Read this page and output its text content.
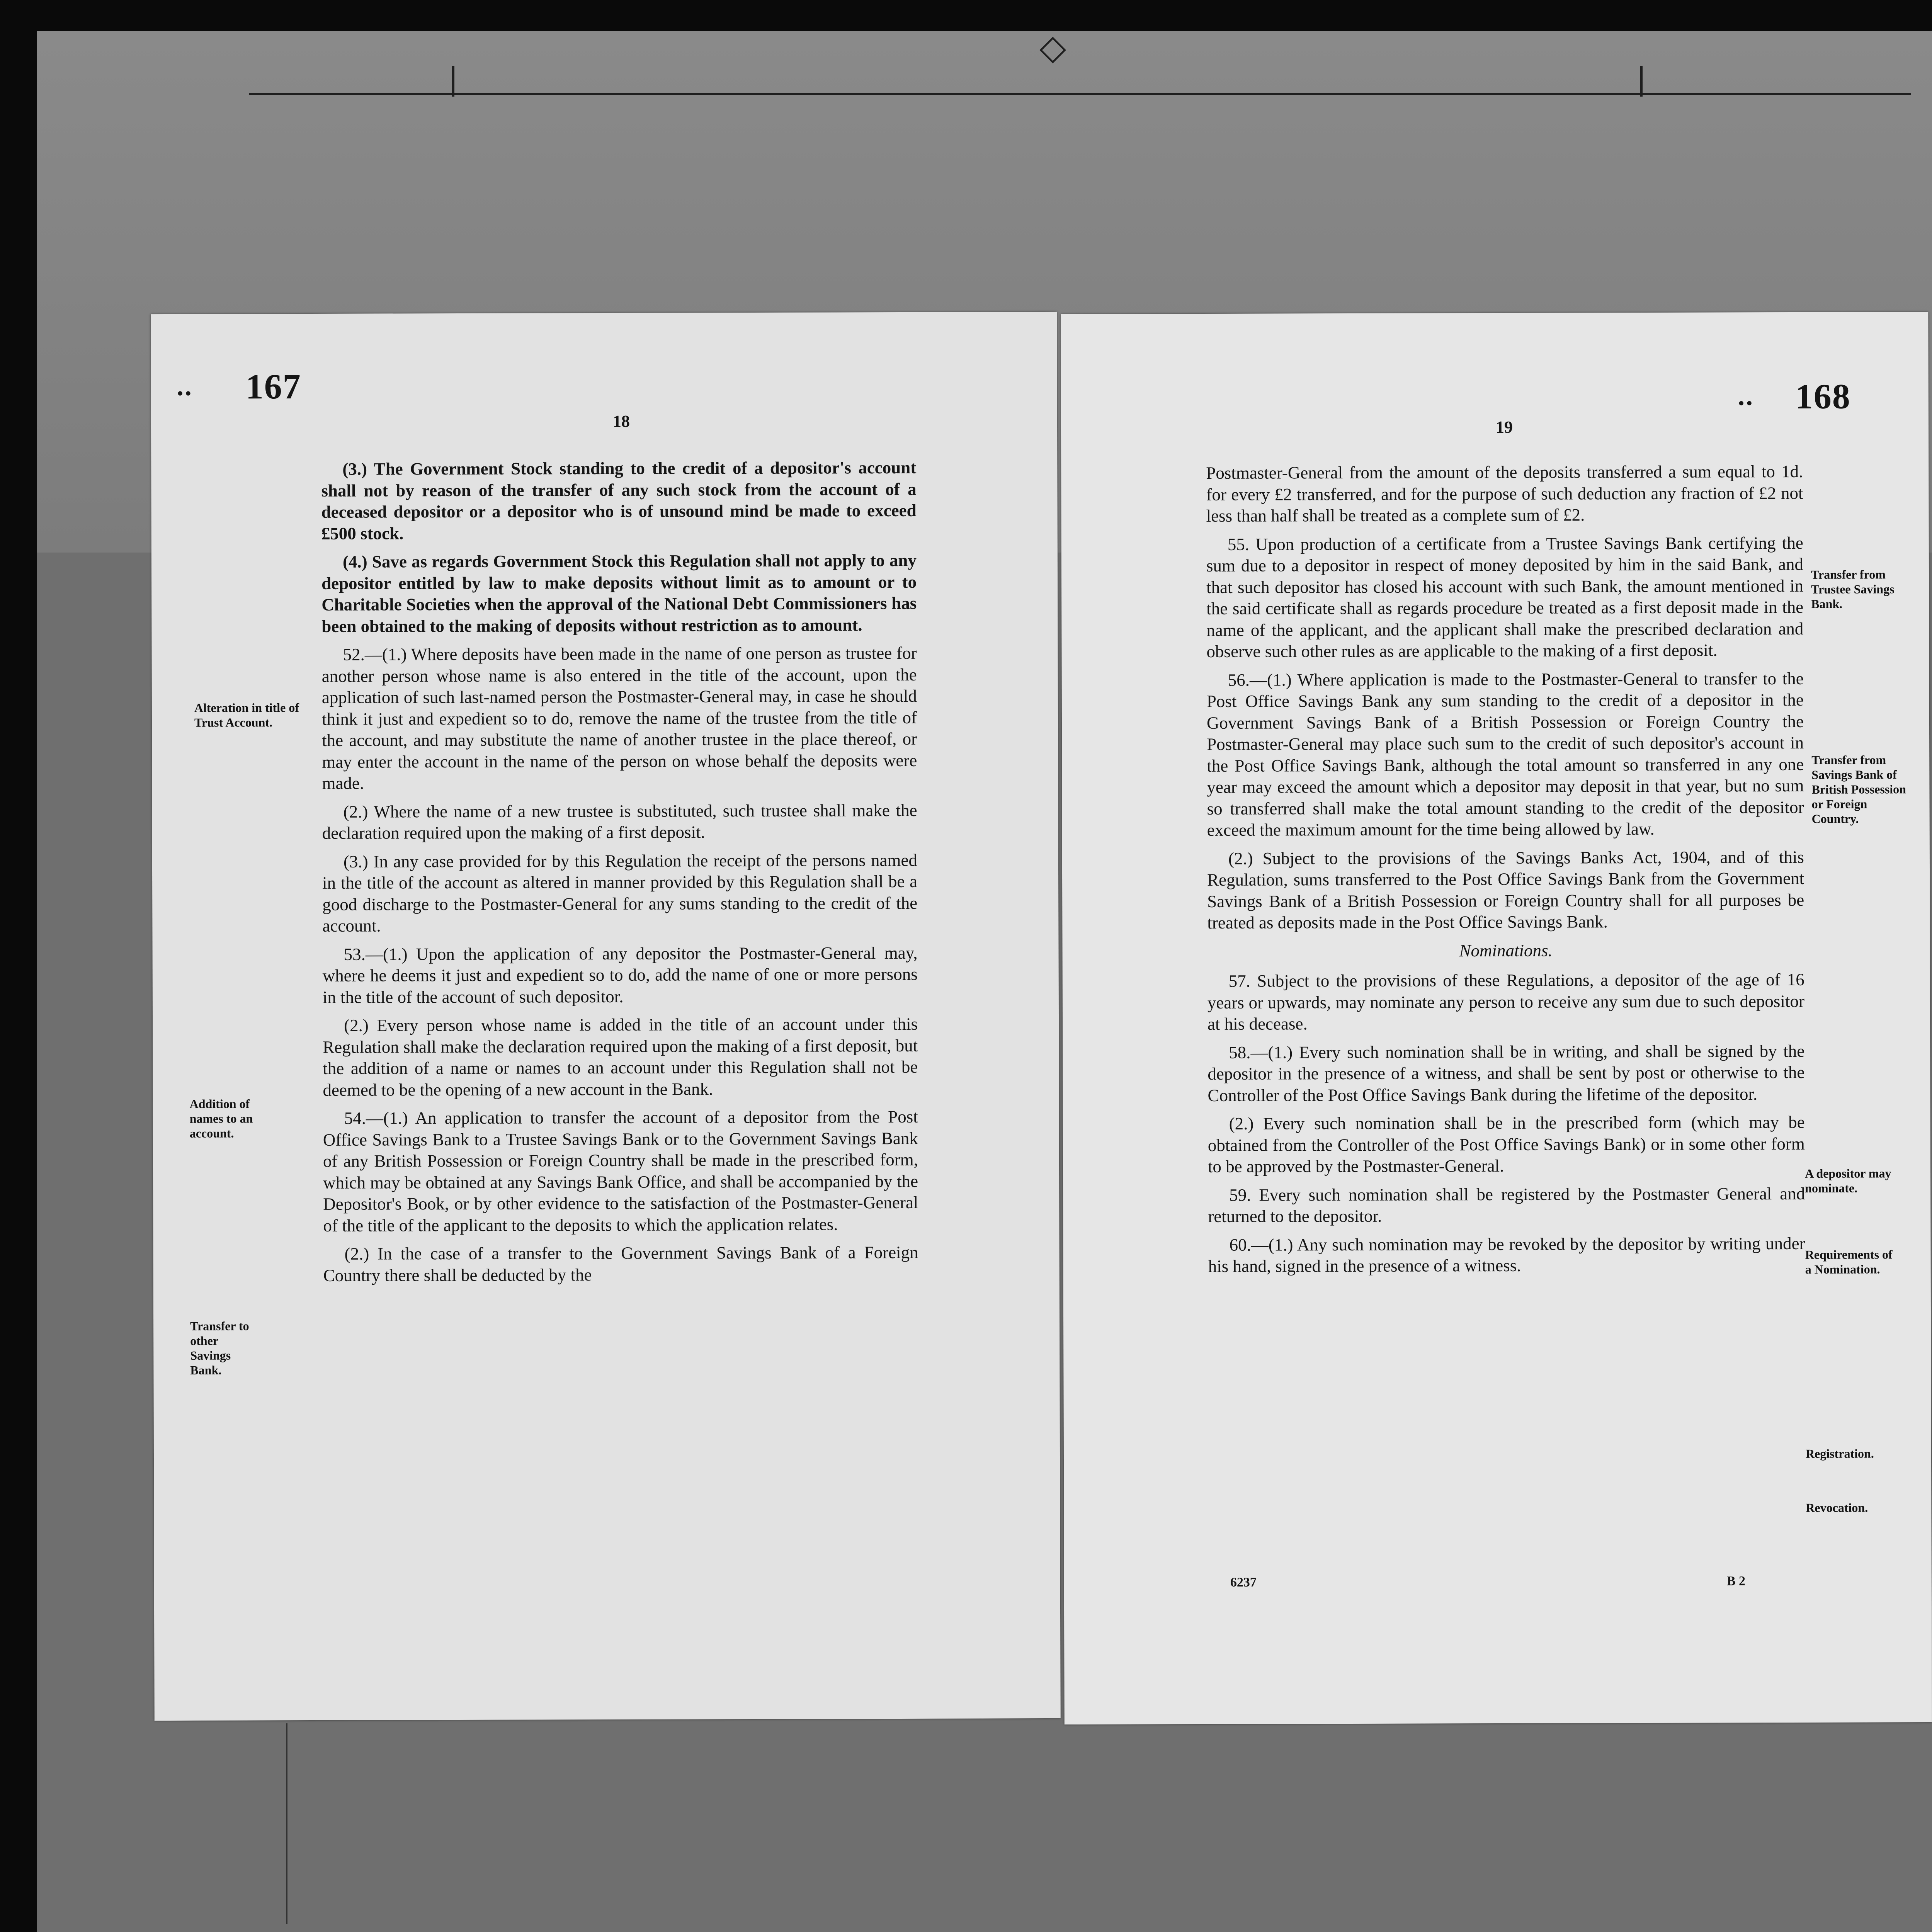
◇
.. 167
18
Alteration in title of Trust Account.
Addition of names to an account.
Transfer to other Savings Bank.

(3.) The Government Stock standing to the credit of a depositor's account shall not by reason of the transfer of any such stock from the account of a deceased depositor or a depositor who is of unsound mind be made to exceed £500 stock.

(4.) Save as regards Government Stock this Regulation shall not apply to any depositor entitled by law to make deposits without limit as to amount or to Charitable Societies when the approval of the National Debt Commissioners has been obtained to the making of deposits without restriction as to amount.

52.—(1.) Where deposits have been made in the name of one person as trustee for another person whose name is also entered in the title of the account, upon the application of such last-named person the Postmaster-General may, in case he should think it just and expedient so to do, remove the name of the trustee from the title of the account, and may substitute the name of another trustee in the place thereof, or may enter the account in the name of the person on whose behalf the deposits were made.

(2.) Where the name of a new trustee is substituted, such trustee shall make the declaration required upon the making of a first deposit.

(3.) In any case provided for by this Regulation the receipt of the persons named in the title of the account as altered in manner provided by this Regulation shall be a good discharge to the Postmaster-General for any sums standing to the credit of the account.

53.—(1.) Upon the application of any depositor the Postmaster-General may, where he deems it just and expedient so to do, add the name of one or more persons in the title of the account of such depositor.

(2.) Every person whose name is added in the title of an account under this Regulation shall make the declaration required upon the making of a first deposit, but the addition of a name or names to an account under this Regulation shall not be deemed to be the opening of a new account in the Bank.

54.—(1.) An application to transfer the account of a depositor from the Post Office Savings Bank to a Trustee Savings Bank or to the Government Savings Bank of any British Possession or Foreign Country shall be made in the prescribed form, which may be obtained at any Savings Bank Office, and shall be accompanied by the Depositor's Book, or by other evidence to the satisfaction of the Postmaster-General of the title of the applicant to the deposits to which the application relates.

(2.) In the case of a transfer to the Government Savings Bank of a Foreign Country there shall be deducted by the

.. 168
19
Transfer from Trustee Savings Bank.
Transfer from Savings Bank of British Possession or Foreign Country.
A depositor may nominate.
Requirements of a Nomination.
Registration.
Revocation.

Postmaster-General from the amount of the deposits transferred a sum equal to 1d. for every £2 transferred, and for the purpose of such deduction any fraction of £2 not less than half shall be treated as a complete sum of £2.

55. Upon production of a certificate from a Trustee Savings Bank certifying the sum due to a depositor in respect of money deposited by him in the said Bank, and that such depositor has closed his account with such Bank, the amount mentioned in the said certificate shall as regards procedure be treated as a first deposit made in the name of the applicant, and the applicant shall make the prescribed declaration and observe such other rules as are applicable to the making of a first deposit.

56.—(1.) Where application is made to the Postmaster-General to transfer to the Post Office Savings Bank any sum standing to the credit of a depositor in the Government Savings Bank of a British Possession or Foreign Country the Postmaster-General may place such sum to the credit of such depositor's account in the Post Office Savings Bank, although the total amount so transferred in any one year may exceed the amount which a depositor may deposit in that year, but no sum so transferred shall make the total amount standing to the credit of the depositor exceed the maximum amount for the time being allowed by law.

(2.) Subject to the provisions of the Savings Banks Act, 1904, and of this Regulation, sums transferred to the Post Office Savings Bank from the Government Savings Bank of a British Possession or Foreign Country shall for all purposes be treated as deposits made in the Post Office Savings Bank.

Nominations.

57. Subject to the provisions of these Regulations, a depositor of the age of 16 years or upwards, may nominate any person to receive any sum due to such depositor at his decease.

58.—(1.) Every such nomination shall be in writing, and shall be signed by the depositor in the presence of a witness, and shall be sent by post or otherwise to the Controller of the Post Office Savings Bank during the lifetime of the depositor.

(2.) Every such nomination shall be in the prescribed form (which may be obtained from the Controller of the Post Office Savings Bank) or in some other form to be approved by the Postmaster-General.

59. Every such nomination shall be registered by the Postmaster General and returned to the depositor.

60.—(1.) Any such nomination may be revoked by the depositor by writing under his hand, signed in the presence of a witness.

6237	B 2
